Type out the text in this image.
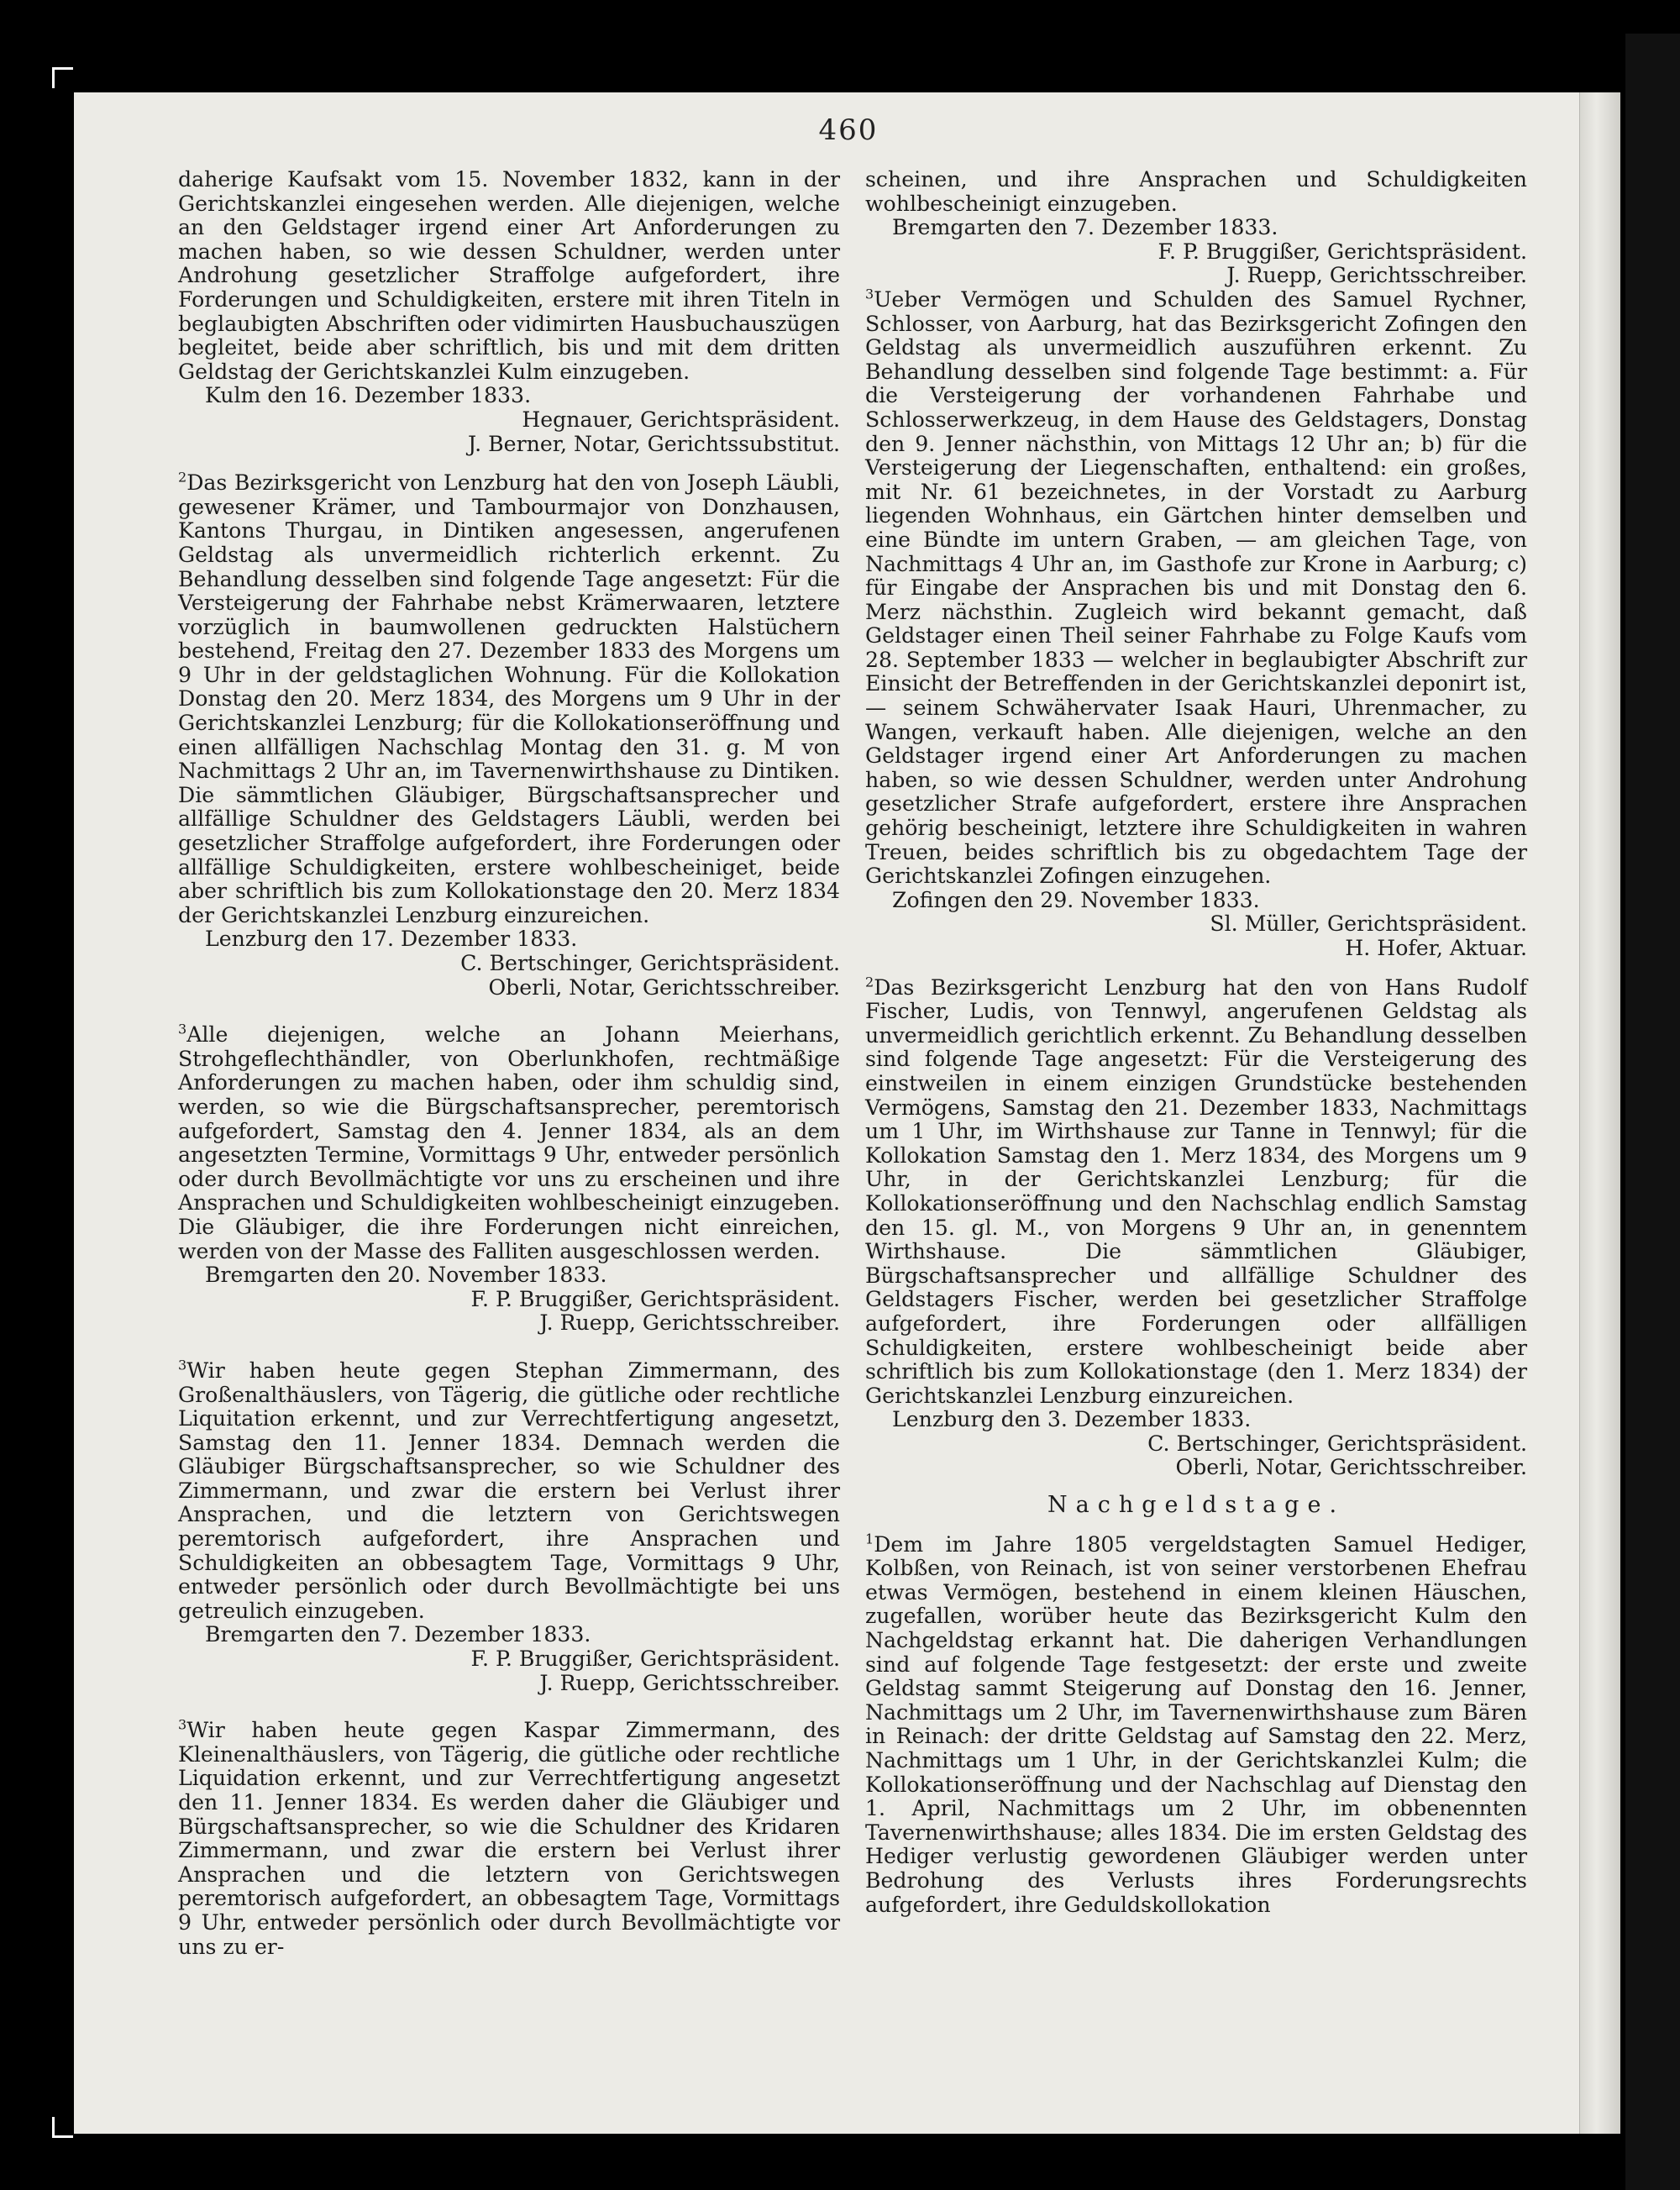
460

daherige Kaufsakt vom 15. November 1832, kann in der Gerichtskanzlei eingesehen werden. Alle diejenigen, welche an den Geldstager irgend einer Art Anforderungen zu machen haben, so wie dessen Schuldner, werden unter Androhung gesetzlicher Straffolge aufgefordert, ihre Forderungen und Schuldigkeiten, erstere mit ihren Titeln in beglaubigten Abschriften oder vidimirten Hausbuchauszügen begleitet, beide aber schriftlich, bis und mit dem dritten Geldstag der Gerichtskanzlei Kulm einzugeben.

Kulm den 16. Dezember 1833.

Hegnauer, Gerichtspräsident.

J. Berner, Notar, Gerichtssubstitut.

$^2$Das Bezirksgericht von Lenzburg hat den von Joseph Läubli, gewesener Krämer, und Tambourmajor von Donzhausen, Kantons Thurgau, in Dintiken angesessen, angerufenen Geldstag als unvermeidlich richterlich erkennt. Zu Behandlung desselben sind folgende Tage angesetzt: Für die Versteigerung der Fahrhabe nebst Krämerwaaren, letztere vorzüglich in baumwollenen gedruckten Halstüchern bestehend, Freitag den 27. Dezember 1833 des Morgens um 9 Uhr in der geldstaglichen Wohnung. Für die Kollokation Donstag den 20. Merz 1834, des Morgens um 9 Uhr in der Gerichtskanzlei Lenzburg; für die Kollokationseröffnung und einen allfälligen Nachschlag Montag den 31. g. M von Nachmittags 2 Uhr an, im Tavernenwirthshause zu Dintiken. Die sämmtlichen Gläubiger, Bürgschaftsansprecher und allfällige Schuldner des Geldstagers Läubli, werden bei gesetzlicher Straffolge aufgefordert, ihre Forderungen oder allfällige Schuldigkeiten, erstere wohlbescheiniget, beide aber schriftlich bis zum Kollokationstage den 20. Merz 1834 der Gerichtskanzlei Lenzburg einzureichen.

Lenzburg den 17. Dezember 1833.

C. Bertschinger, Gerichtspräsident.

Oberli, Notar, Gerichtsschreiber.

$^3$Alle diejenigen, welche an Johann Meierhans, Strohgeflechthändler, von Oberlunkhofen, rechtmäßige Anforderungen zu machen haben, oder ihm schuldig sind, werden, so wie die Bürgschaftsansprecher, peremtorisch aufgefordert, Samstag den 4. Jenner 1834, als an dem angesetzten Termine, Vormittags 9 Uhr, entweder persönlich oder durch Bevollmächtigte vor uns zu erscheinen und ihre Ansprachen und Schuldigkeiten wohlbescheinigt einzugeben. Die Gläubiger, die ihre Forderungen nicht einreichen, werden von der Masse des Falliten ausgeschlossen werden.

Bremgarten den 20. November 1833.

F. P. Bruggißer, Gerichtspräsident.

J. Ruepp, Gerichtsschreiber.

$^3$Wir haben heute gegen Stephan Zimmermann, des Großenalthäuslers, von Tägerig, die gütliche oder rechtliche Liquitation erkennt, und zur Verrechtfertigung angesetzt, Samstag den 11. Jenner 1834. Demnach werden die Gläubiger Bürgschaftsansprecher, so wie Schuldner des Zimmermann, und zwar die erstern bei Verlust ihrer Ansprachen, und die letztern von Gerichtswegen peremtorisch aufgefordert, ihre Ansprachen und Schuldigkeiten an obbesagtem Tage, Vormittags 9 Uhr, entweder persönlich oder durch Bevollmächtigte bei uns getreulich einzugeben.

Bremgarten den 7. Dezember 1833.

F. P. Bruggißer, Gerichtspräsident.

J. Ruepp, Gerichtsschreiber.

$^3$Wir haben heute gegen Kaspar Zimmermann, des Kleinenalthäuslers, von Tägerig, die gütliche oder rechtliche Liquidation erkennt, und zur Verrechtfertigung angesetzt den 11. Jenner 1834. Es werden daher die Gläubiger und Bürgschaftsansprecher, so wie die Schuldner des Kridaren Zimmermann, und zwar die erstern bei Verlust ihrer Ansprachen und die letztern von Gerichtswegen peremtorisch aufgefordert, an obbesagtem Tage, Vormittags 9 Uhr, entweder persönlich oder durch Bevollmächtigte vor uns zu er-

scheinen, und ihre Ansprachen und Schuldigkeiten wohlbescheinigt einzugeben.

Bremgarten den 7. Dezember 1833.

F. P. Bruggißer, Gerichtspräsident.

J. Ruepp, Gerichtsschreiber.

$^3$Ueber Vermögen und Schulden des Samuel Rychner, Schlosser, von Aarburg, hat das Bezirksgericht Zofingen den Geldstag als unvermeidlich auszuführen erkennt. Zu Behandlung desselben sind folgende Tage bestimmt: a. Für die Versteigerung der vorhandenen Fahrhabe und Schlosserwerkzeug, in dem Hause des Geldstagers, Donstag den 9. Jenner nächsthin, von Mittags 12 Uhr an; b) für die Versteigerung der Liegenschaften, enthaltend: ein großes, mit Nr. 61 bezeichnetes, in der Vorstadt zu Aarburg liegenden Wohnhaus, ein Gärtchen hinter demselben und eine Bündte im untern Graben, — am gleichen Tage, von Nachmittags 4 Uhr an, im Gasthofe zur Krone in Aarburg; c) für Eingabe der Ansprachen bis und mit Donstag den 6. Merz nächsthin. Zugleich wird bekannt gemacht, daß Geldstager einen Theil seiner Fahrhabe zu Folge Kaufs vom 28. September 1833 — welcher in beglaubigter Abschrift zur Einsicht der Betreffenden in der Gerichtskanzlei deponirt ist, — seinem Schwähervater Isaak Hauri, Uhrenmacher, zu Wangen, verkauft haben. Alle diejenigen, welche an den Geldstager irgend einer Art Anforderungen zu machen haben, so wie dessen Schuldner, werden unter Androhung gesetzlicher Strafe aufgefordert, erstere ihre Ansprachen gehörig bescheinigt, letztere ihre Schuldigkeiten in wahren Treuen, beides schriftlich bis zu obgedachtem Tage der Gerichtskanzlei Zofingen einzugehen.

Zofingen den 29. November 1833.

Sl. Müller, Gerichtspräsident.

H. Hofer, Aktuar.

$^2$Das Bezirksgericht Lenzburg hat den von Hans Rudolf Fischer, Ludis, von Tennwyl, angerufenen Geldstag als unvermeidlich gerichtlich erkennt. Zu Behandlung desselben sind folgende Tage angesetzt: Für die Versteigerung des einstweilen in einem einzigen Grundstücke bestehenden Vermögens, Samstag den 21. Dezember 1833, Nachmittags um 1 Uhr, im Wirthshause zur Tanne in Tennwyl; für die Kollokation Samstag den 1. Merz 1834, des Morgens um 9 Uhr, in der Gerichtskanzlei Lenzburg; für die Kollokationseröffnung und den Nachschlag endlich Samstag den 15. gl. M., von Morgens 9 Uhr an, in genenntem Wirthshause. Die sämmtlichen Gläubiger, Bürgschaftsansprecher und allfällige Schuldner des Geldstagers Fischer, werden bei gesetzlicher Straffolge aufgefordert, ihre Forderungen oder allfälligen Schuldigkeiten, erstere wohlbescheinigt beide aber schriftlich bis zum Kollokationstage (den 1. Merz 1834) der Gerichtskanzlei Lenzburg einzureichen.

Lenzburg den 3. Dezember 1833.

C. Bertschinger, Gerichtspräsident.

Oberli, Notar, Gerichtsschreiber.

Nachgeldstage.

$^1$Dem im Jahre 1805 vergeldstagten Samuel Hediger, Kolbßen, von Reinach, ist von seiner verstorbenen Ehefrau etwas Vermögen, bestehend in einem kleinen Häuschen, zugefallen, worüber heute das Bezirksgericht Kulm den Nachgeldstag erkannt hat. Die daherigen Verhandlungen sind auf folgende Tage festgesetzt: der erste und zweite Geldstag sammt Steigerung auf Donstag den 16. Jenner, Nachmittags um 2 Uhr, im Tavernenwirthshause zum Bären in Reinach: der dritte Geldstag auf Samstag den 22. Merz, Nachmittags um 1 Uhr, in der Gerichtskanzlei Kulm; die Kollokationseröffnung und der Nachschlag auf Dienstag den 1. April, Nachmittags um 2 Uhr, im obbenennten Tavernenwirthshause; alles 1834. Die im ersten Geldstag des Hediger verlustig gewordenen Gläubiger werden unter Bedrohung des Verlusts ihres Forderungsrechts aufgefordert, ihre Geduldskollokation
